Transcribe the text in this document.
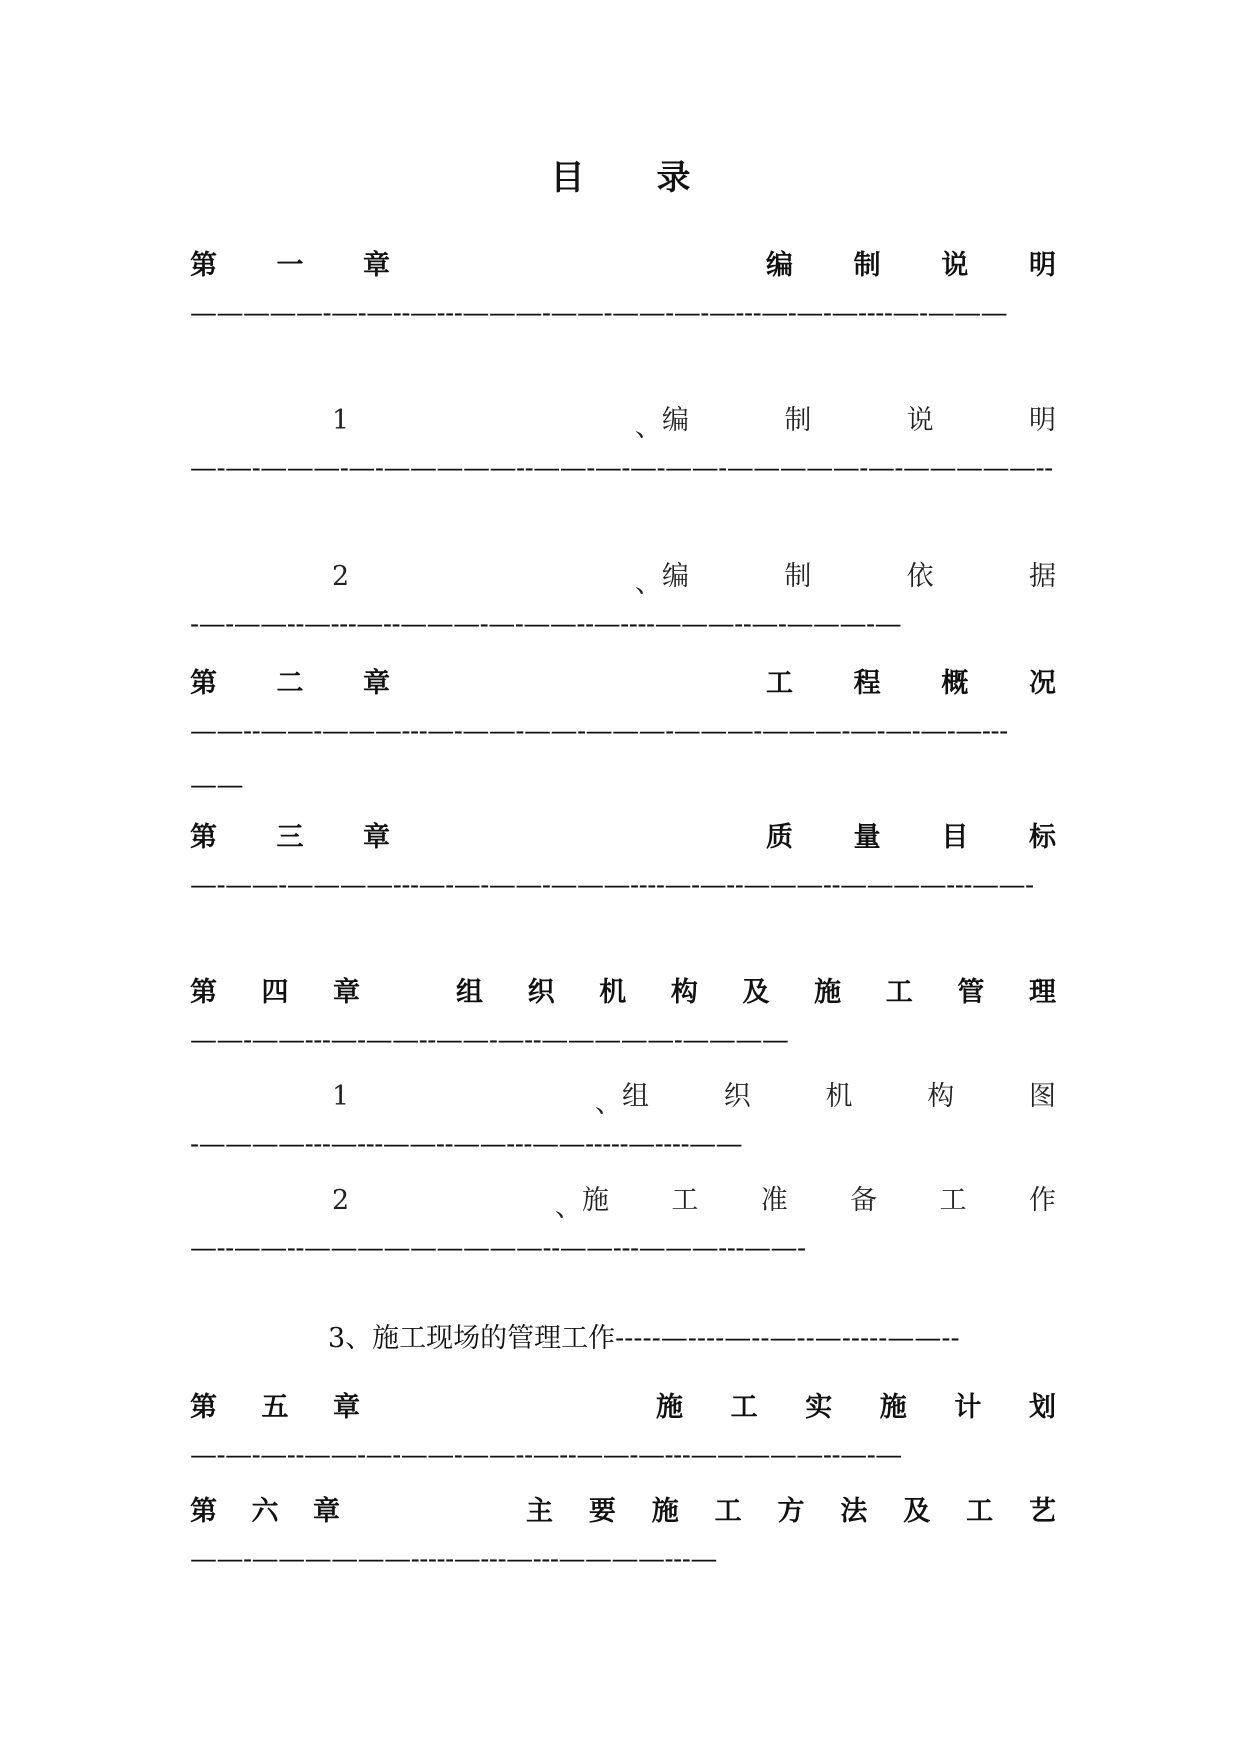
目 录
第 一 章	编 制 说 明
—————-—-—--—---———-——-——-—-—---—-—-—----—-———
1	、 编	制	说	明
—-—-———-—-—————--——-—-—-——-—————-—-—————--
2	、 编	制	依	据
-—-——--—---—--———-—-——--—----———--—-———-—
第 二 章	工 程 概 况
——--——-———---—-——-——-———-———-———-—-—-—-—---——
第 三 章	质 量 目 标
—-——-————---—-—-——-———----—-—--———--————---——-
第 四 章	组 织 机 构 及 施 工 管 理
——-——---—-——--——-—--—————-————
1	、 组	织	机	构	图
-————---—---——--——---——-----—----——
2	、 施 工 准 备 工 作
—--——--—————————--——---———---——-
3、施工现场的管理工作-----—----—--—--—-----——--
第 五 章	施 工 实 施 计 划
—-—-—--——-—-——-——--—--——-—---—————--—-—
第 六 章	主 要 施 工 方 法 及 工 艺
——-——————-----—---—---————---—
